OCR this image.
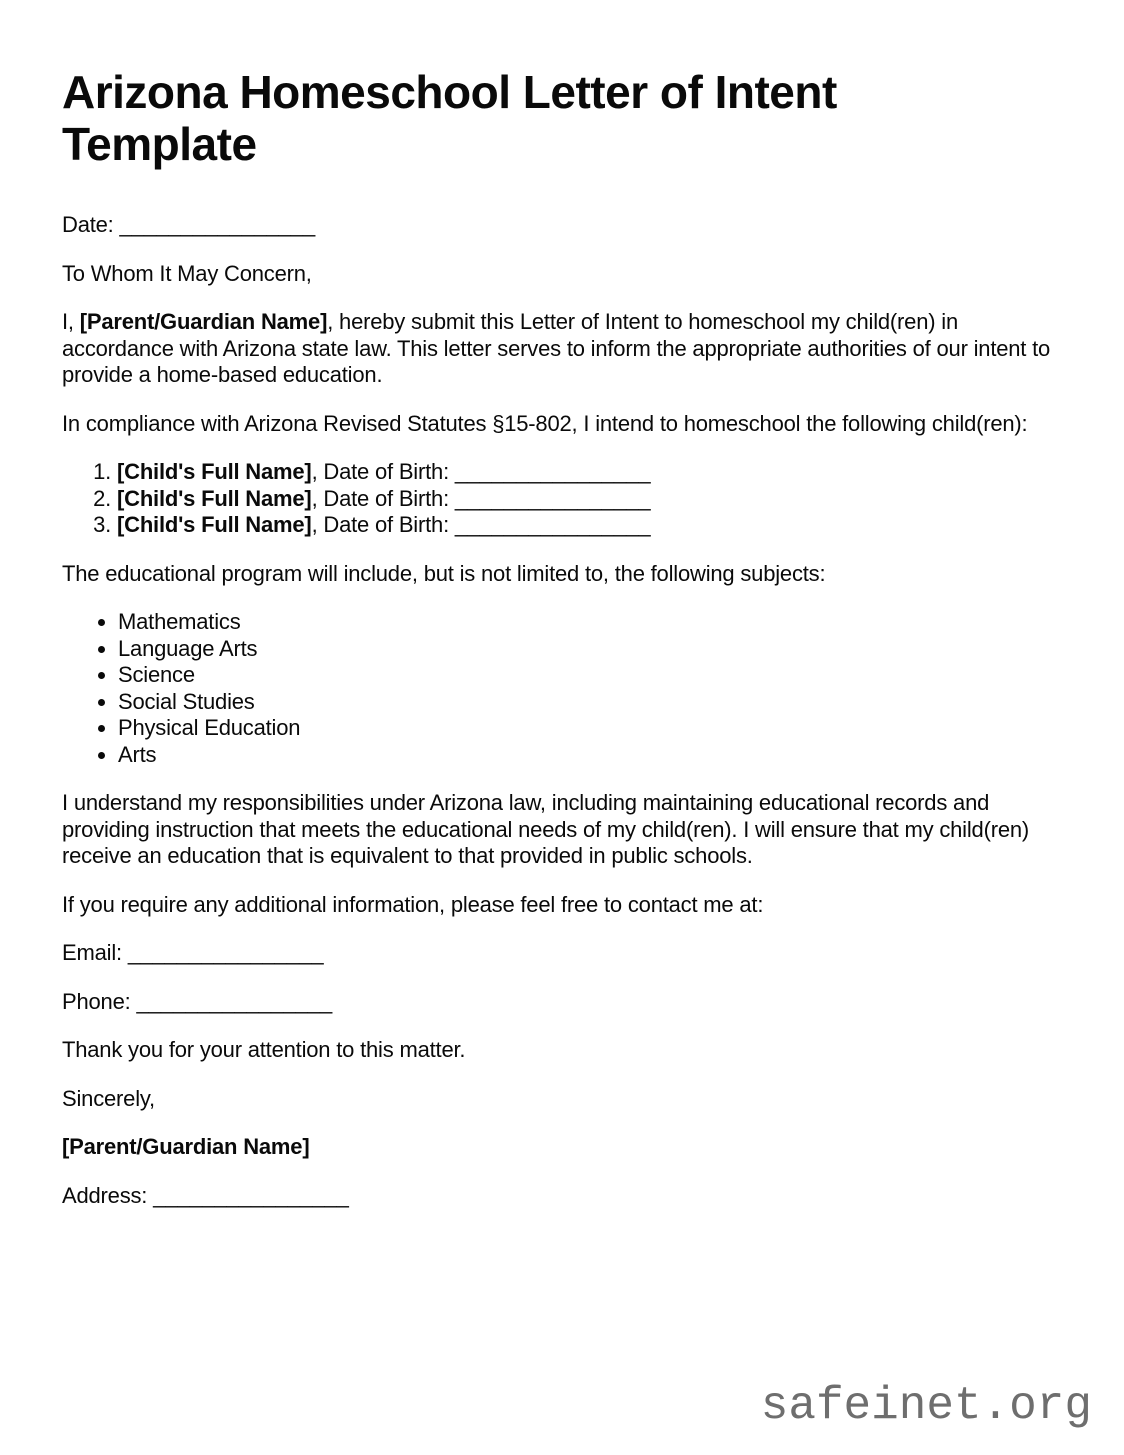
Arizona Homeschool Letter of Intent Template

Date: ________________

To Whom It May Concern,

I, [Parent/Guardian Name], hereby submit this Letter of Intent to homeschool my child(ren) in accordance with Arizona state law. This letter serves to inform the appropriate authorities of our intent to provide a home-based education.

In compliance with Arizona Revised Statutes §15-802, I intend to homeschool the following child(ren):

1. [Child's Full Name], Date of Birth: ________________
2. [Child's Full Name], Date of Birth: ________________
3. [Child's Full Name], Date of Birth: ________________

The educational program will include, but is not limited to, the following subjects:

• Mathematics
• Language Arts
• Science
• Social Studies
• Physical Education
• Arts

I understand my responsibilities under Arizona law, including maintaining educational records and providing instruction that meets the educational needs of my child(ren). I will ensure that my child(ren) receive an education that is equivalent to that provided in public schools.

If you require any additional information, please feel free to contact me at:

Email: ________________

Phone: ________________

Thank you for your attention to this matter.

Sincerely,

[Parent/Guardian Name]

Address: ________________

safeinet.org
